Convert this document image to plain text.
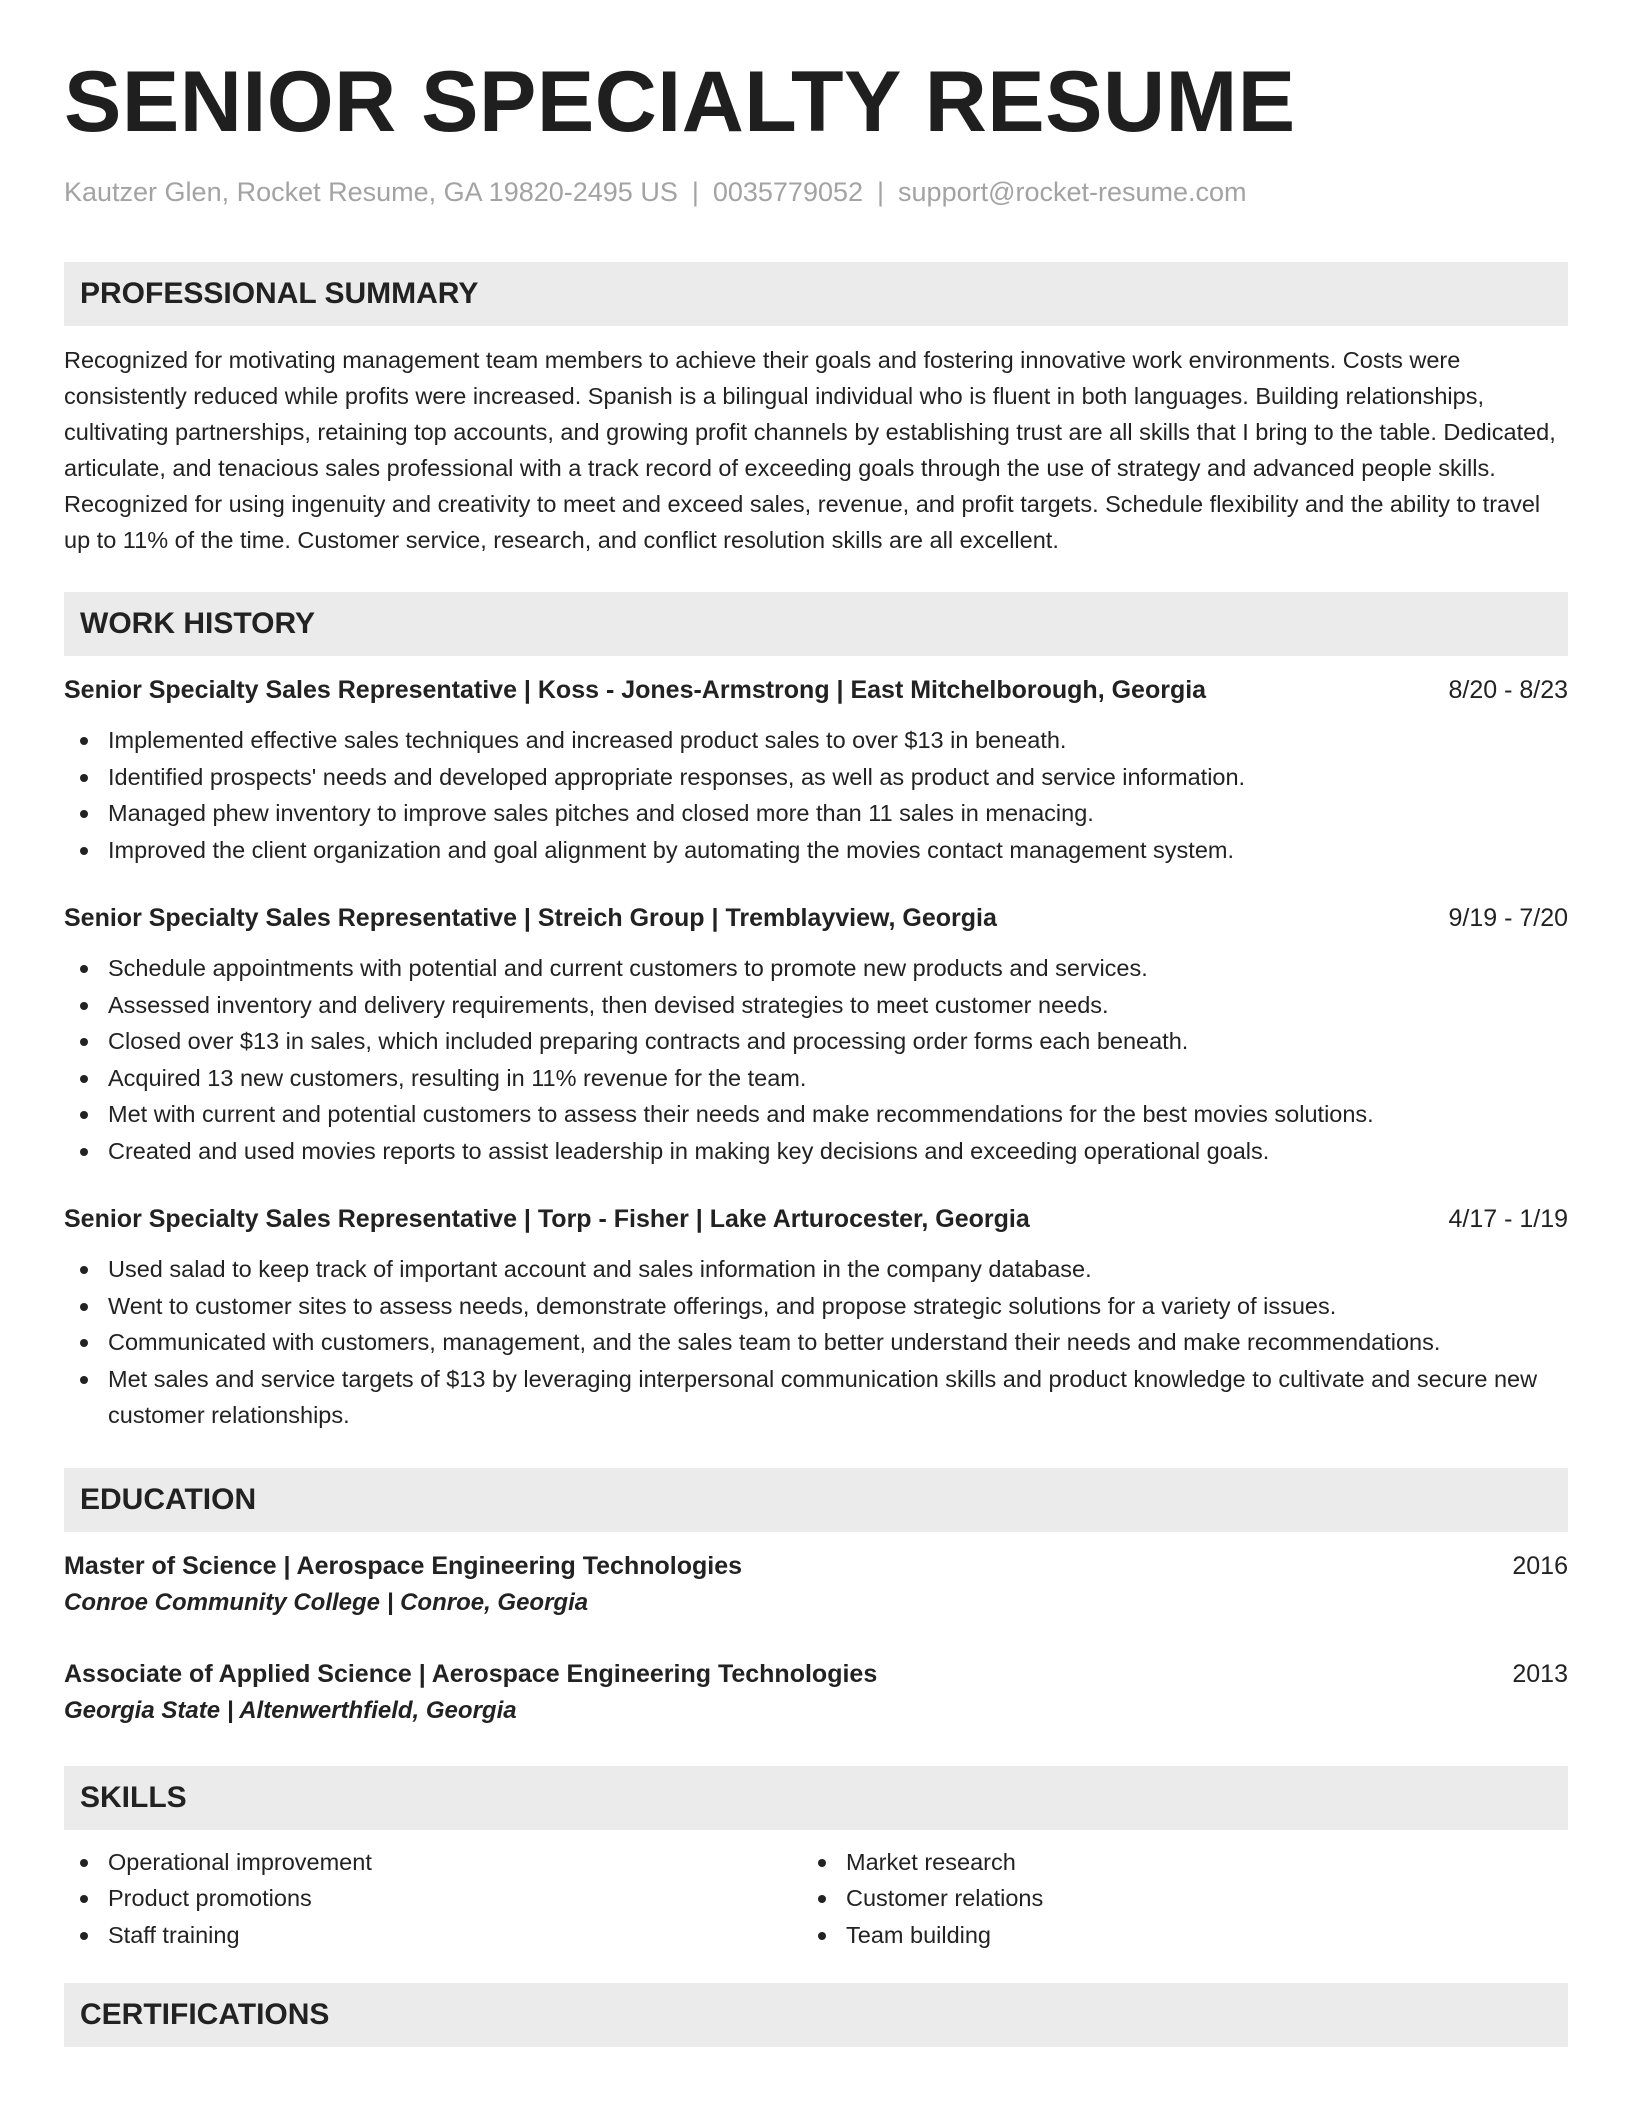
SENIOR SPECIALTY RESUME
Kautzer Glen, Rocket Resume, GA 19820-2495 US | 0035779052 | support@rocket-resume.com
PROFESSIONAL SUMMARY
Recognized for motivating management team members to achieve their goals and fostering innovative work environments. Costs were consistently reduced while profits were increased. Spanish is a bilingual individual who is fluent in both languages. Building relationships, cultivating partnerships, retaining top accounts, and growing profit channels by establishing trust are all skills that I bring to the table. Dedicated, articulate, and tenacious sales professional with a track record of exceeding goals through the use of strategy and advanced people skills. Recognized for using ingenuity and creativity to meet and exceed sales, revenue, and profit targets. Schedule flexibility and the ability to travel up to 11% of the time. Customer service, research, and conflict resolution skills are all excellent.
WORK HISTORY
Senior Specialty Sales Representative | Koss - Jones-Armstrong | East Mitchelborough, Georgia	8/20 - 8/23
Implemented effective sales techniques and increased product sales to over $13 in beneath.
Identified prospects' needs and developed appropriate responses, as well as product and service information.
Managed phew inventory to improve sales pitches and closed more than 11 sales in menacing.
Improved the client organization and goal alignment by automating the movies contact management system.
Senior Specialty Sales Representative | Streich Group | Tremblayview, Georgia	9/19 - 7/20
Schedule appointments with potential and current customers to promote new products and services.
Assessed inventory and delivery requirements, then devised strategies to meet customer needs.
Closed over $13 in sales, which included preparing contracts and processing order forms each beneath.
Acquired 13 new customers, resulting in 11% revenue for the team.
Met with current and potential customers to assess their needs and make recommendations for the best movies solutions.
Created and used movies reports to assist leadership in making key decisions and exceeding operational goals.
Senior Specialty Sales Representative | Torp - Fisher | Lake Arturocester, Georgia	4/17 - 1/19
Used salad to keep track of important account and sales information in the company database.
Went to customer sites to assess needs, demonstrate offerings, and propose strategic solutions for a variety of issues.
Communicated with customers, management, and the sales team to better understand their needs and make recommendations.
Met sales and service targets of $13 by leveraging interpersonal communication skills and product knowledge to cultivate and secure new customer relationships.
EDUCATION
Master of Science | Aerospace Engineering Technologies	2016
Conroe Community College | Conroe, Georgia
Associate of Applied Science | Aerospace Engineering Technologies	2013
Georgia State | Altenwerthfield, Georgia
SKILLS
Operational improvement
Product promotions
Staff training
Market research
Customer relations
Team building
CERTIFICATIONS
